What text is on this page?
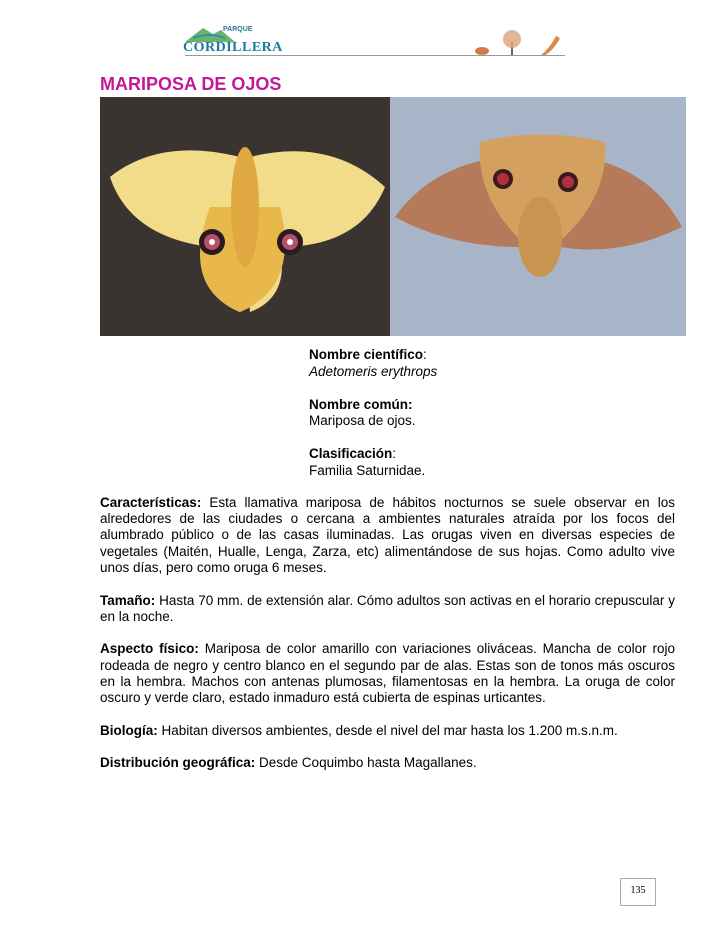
PARQUE
CORDILLERA
MARIPOSA DE OJOS

Nombre científico:
Adetomeris erythrops

Nombre común:
Mariposa de ojos.

Clasificación:
Familia Saturnidae.

Características: Esta llamativa mariposa de hábitos nocturnos se suele observar en los alrededores de las ciudades o cercana a ambientes naturales atraída por los focos del alumbrado público o de las casas iluminadas. Las orugas viven en diversas especies de vegetales (Maitén, Hualle, Lenga, Zarza, etc) alimentándose de sus hojas. Como adulto vive unos días, pero como oruga 6 meses.

Tamaño: Hasta 70 mm. de extensión alar. Cómo adultos son activas en el horario crepuscular y en la noche.

Aspecto físico: Mariposa de color amarillo con variaciones oliváceas. Mancha de color rojo rodeada de negro y centro blanco en el segundo par de alas. Estas son de tonos más oscuros en la hembra. Machos con antenas plumosas, filamentosas en la hembra. La oruga de color oscuro y verde claro, estado inmaduro está cubierta de espinas urticantes.

Biología: Habitan diversos ambientes, desde el nivel del mar hasta los 1.200 m.s.n.m.

Distribución geográfica: Desde Coquimbo hasta Magallanes.

135
